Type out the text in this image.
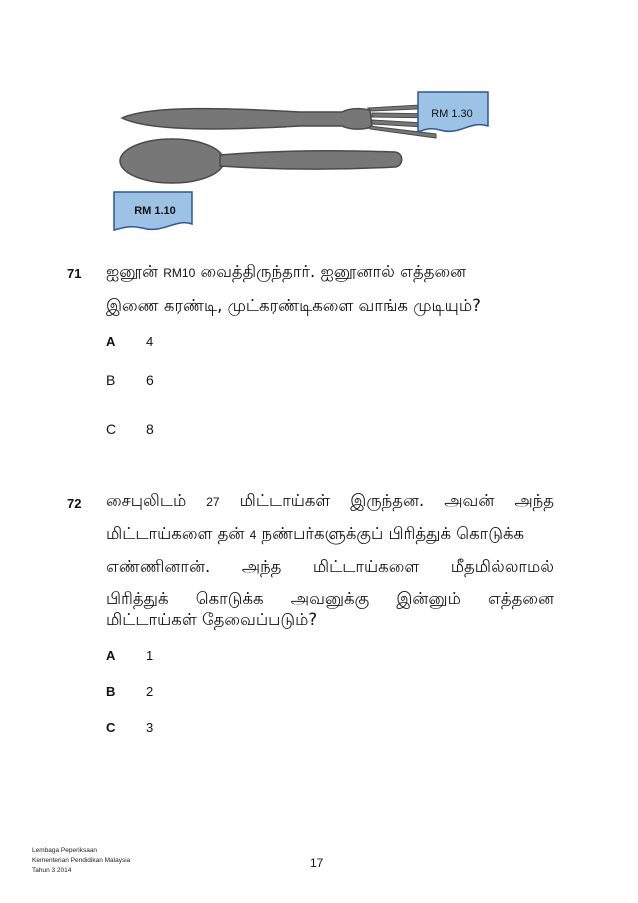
RM 1.30
RM 1.10
71 ஐனூன் RM10 வைத்திருந்தார். ஐனூனால் எத்தனை
இணை கரண்டி, முட்கரண்டிகளை வாங்க முடியும்?
A 4
B 6
C 8
72 சைபுலிடம் 27 மிட்டாய்கள் இருந்தன. அவன் அந்த
மிட்டாய்களை தன் 4 நண்பர்களுக்குப் பிரித்துக் கொடுக்க
எண்ணினான். அந்த மிட்டாய்களை மீதமில்லாமல்
பிரித்துக் கொடுக்க அவனுக்கு இன்னும் எத்தனை
மிட்டாய்கள் தேவைப்படும்?
A 1
B 2
C 3
Lembaga Peperiksaan
Kementerian Pendidikan Malaysia
Tahun 3 2014
17
